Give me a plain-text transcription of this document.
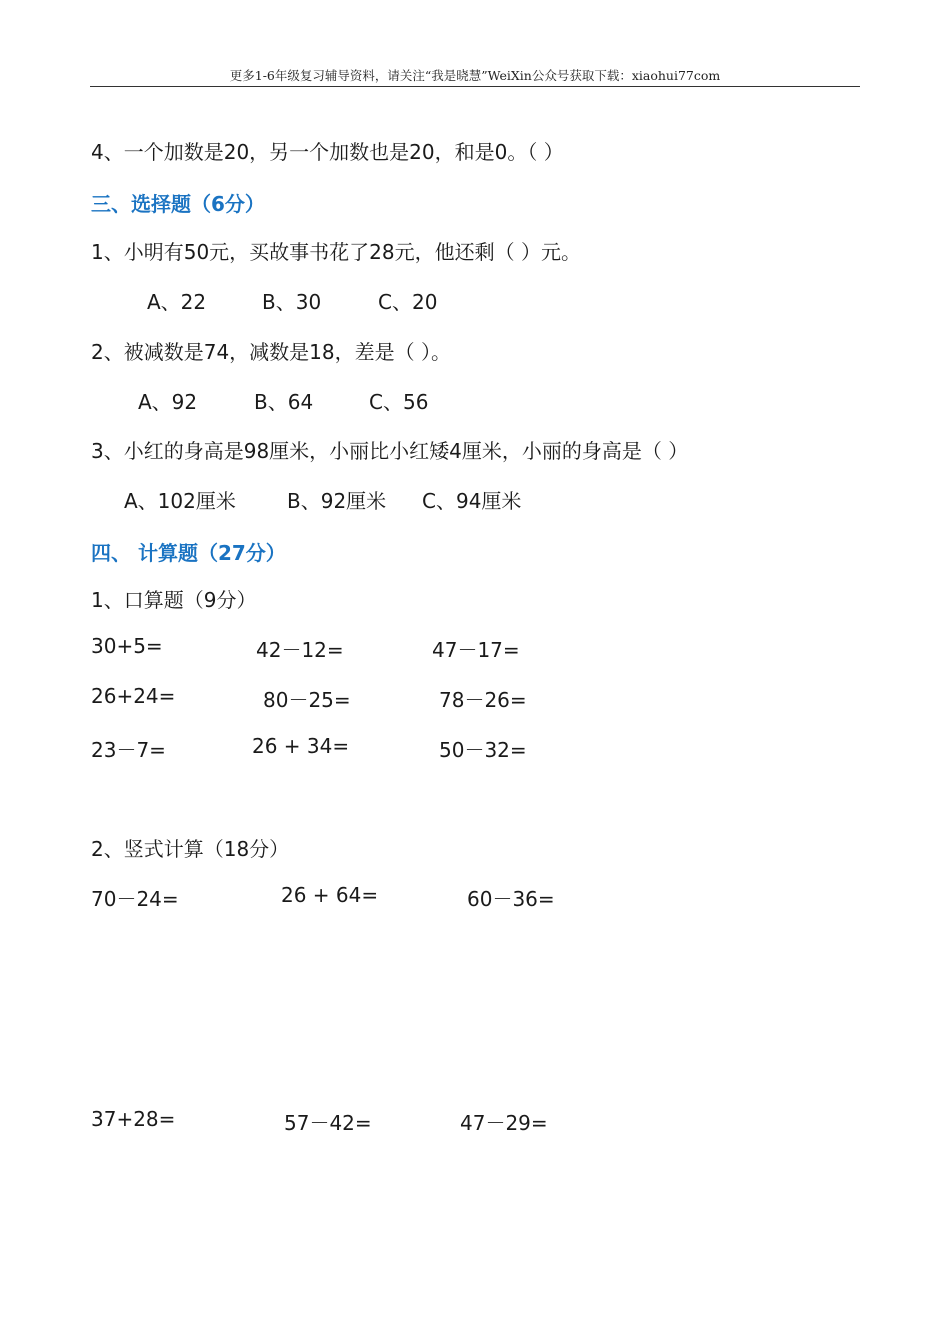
更多1-6年级复习辅导资料，请关注“我是晓慧”WeiXin公众号获取下载：xiaohui77com
4、一个加数是20，另一个加数也是20，和是0。（ ）
三、选择题（6分）
1、小明有50元，买故事书花了28元，他还剩（ ）元。
A、22	B、30	C、20
2、被减数是74，减数是18，差是（ ）。
A、92	B、64	C、56
3、小红的身高是98厘米，小丽比小红矮4厘米，小丽的身高是（ ）
A、102厘米	B、92厘米 C、94厘米
四、 计算题（27分）
1、口算题（9分）
30+5=	42－12=	47－17=
26+24=	80－25=	78－26=
23－7=	26 + 34=	50－32=
2、竖式计算（18分）
70－24=	26 + 64=	60－36=
37+28=	57－42=	47－29=
